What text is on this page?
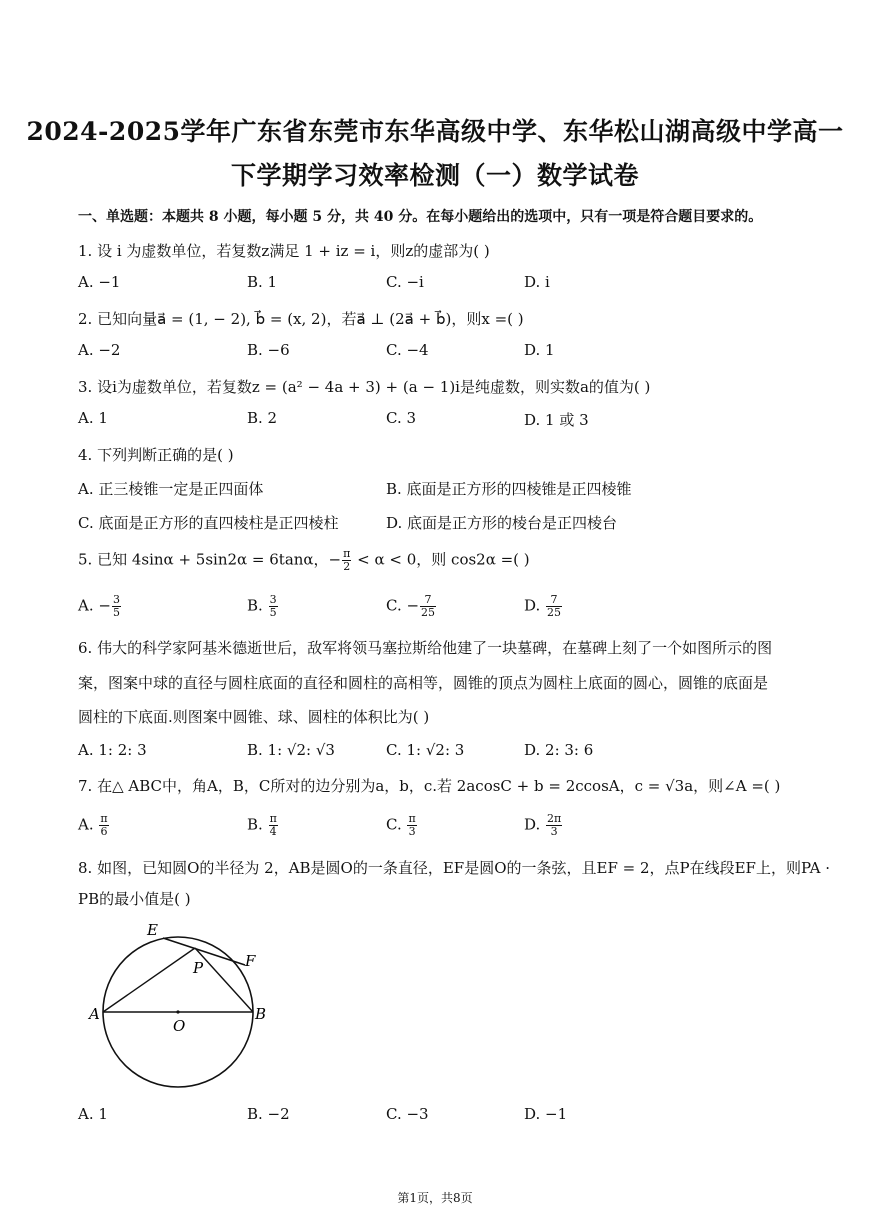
2024-2025学年广东省东莞市东华高级中学、东华松山湖高级中学高一
下学期学习效率检测（一）数学试卷
一、单选题：本题共 8 小题，每小题 5 分，共 40 分。在每小题给出的选项中，只有一项是符合题目要求的。
1. 设 i 为虚数单位，若复数z满足 1 + iz = i，则z的虚部为( )
A. −1	B. 1	C. −i	D. i
2. 已知向量a⃗ = (1, − 2), b⃗ = (x, 2)，若a⃗ ⊥ (2a⃗ + b⃗)，则x =( )
A. −2	B. −6	C. −4	D. 1
3. 设i为虚数单位，若复数z = (a² − 4a + 3) + (a − 1)i是纯虚数，则实数a的值为( )
A. 1	B. 2	C. 3	D. 1 或 3
4. 下列判断正确的是( )
A. 正三棱锥一定是正四面体	B. 底面是正方形的四棱锥是正四棱锥
C. 底面是正方形的直四棱柱是正四棱柱	D. 底面是正方形的棱台是正四棱台
5. 已知 4sinα + 5sin2α = 6tanα，− $\frac{\pi}{2} < \alpha < 0$，则 cos2α =( )
A. − $\frac{3}{5}$	B. $\frac{3}{5}$	C. − $\frac{7}{25}$	D. $\frac{7}{25}$
6. 伟大的科学家阿基米德逝世后，敌军将领马塞拉斯给他建了一块墓碑，在墓碑上刻了一个如图所示的图
案，图案中球的直径与圆柱底面的直径和圆柱的高相等，圆锥的顶点为圆柱上底面的圆心，圆锥的底面是
圆柱的下底面.则图案中圆锥、球、圆柱的体积比为( )
A. 1: 2: 3	B. 1: √2: √3	C. 1: √2: 3	D. 2: 3: 6
7. 在△ ABC中，角A，B，C所对的边分别为a，b，c.若 2acosC + b = 2ccosA，c = √3a，则∠A =( )
A. $\frac{\pi}{6}$	B. $\frac{\pi}{4}$	C. $\frac{\pi}{3}$	D. $\frac{2\pi}{3}$
8. 如图，已知圆O的半径为 2，AB是圆O的一条直径，EF是圆O的一条弦，且EF = 2，点P在线段EF上，则PA ·
PB的最小值是( )
E
F
P
A	B
O
A. 1	B. −2	C. −3	D. −1
第1页，共8页
